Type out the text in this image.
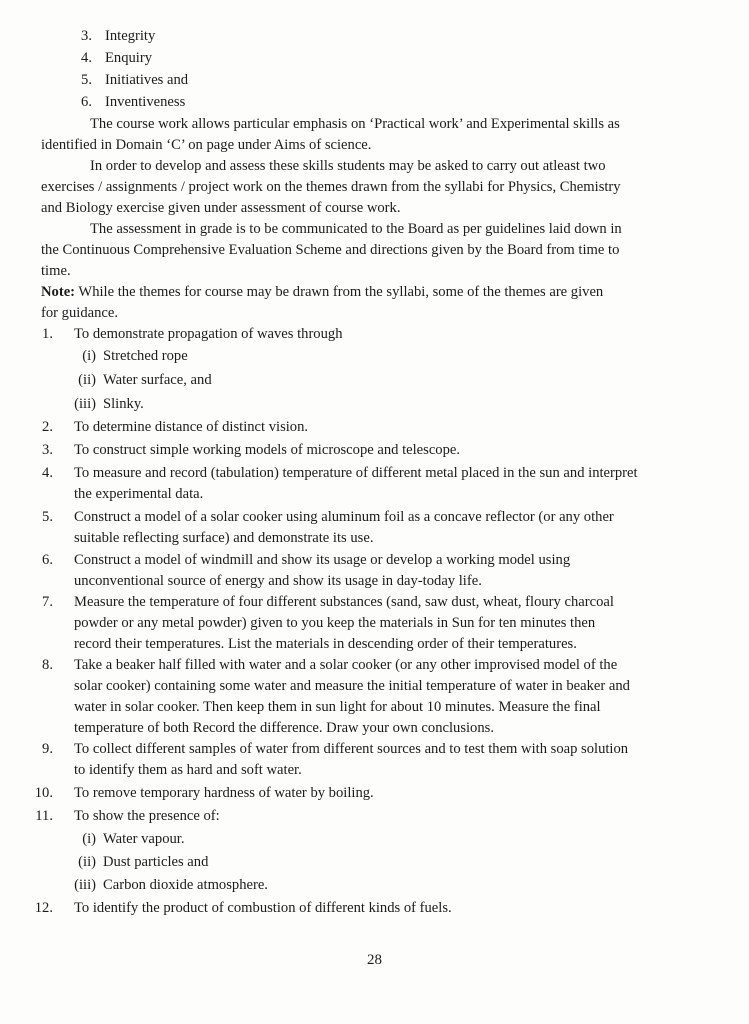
3. Integrity
4. Enquiry
5. Initiatives and
6. Inventiveness
The course work allows particular emphasis on ‘Practical work’ and Experimental skills as
identified in Domain ‘C’ on page under Aims of science.
In order to develop and assess these skills students may be asked to carry out atleast two
exercises / assignments / project work on the themes drawn from the syllabi for Physics, Chemistry
and Biology exercise given under assessment of course work.
The assessment in grade is to be communicated to the Board as per guidelines laid down in
the Continuous Comprehensive Evaluation Scheme and directions given by the Board from time to
time.
Note: While the themes for course may be drawn from the syllabi, some of the themes are given
for guidance.
1. To demonstrate propagation of waves through
(i) Stretched rope
(ii) Water surface, and
(iii) Slinky.
2. To determine distance of distinct vision.
3. To construct simple working models of microscope and telescope.
4. To measure and record (tabulation) temperature of different metal placed in the sun and interpret
the experimental data.
5. Construct a model of a solar cooker using aluminum foil as a concave reflector (or any other
suitable reflecting surface) and demonstrate its use.
6. Construct a model of windmill and show its usage or develop a working model using
unconventional source of energy and show its usage in day-today life.
7. Measure the temperature of four different substances (sand, saw dust, wheat, floury charcoal
powder or any metal powder) given to you keep the materials in Sun for ten minutes then
record their temperatures. List the materials in descending order of their temperatures.
8. Take a beaker half filled with water and a solar cooker (or any other improvised model of the
solar cooker) containing some water and measure the initial temperature of water in beaker and
water in solar cooker. Then keep them in sun light for about 10 minutes. Measure the final
temperature of both Record the difference. Draw your own conclusions.
9. To collect different samples of water from different sources and to test them with soap solution
to identify them as hard and soft water.
10. To remove temporary hardness of water by boiling.
11. To show the presence of:
(i) Water vapour.
(ii) Dust particles and
(iii) Carbon dioxide atmosphere.
12. To identify the product of combustion of different kinds of fuels.
28
